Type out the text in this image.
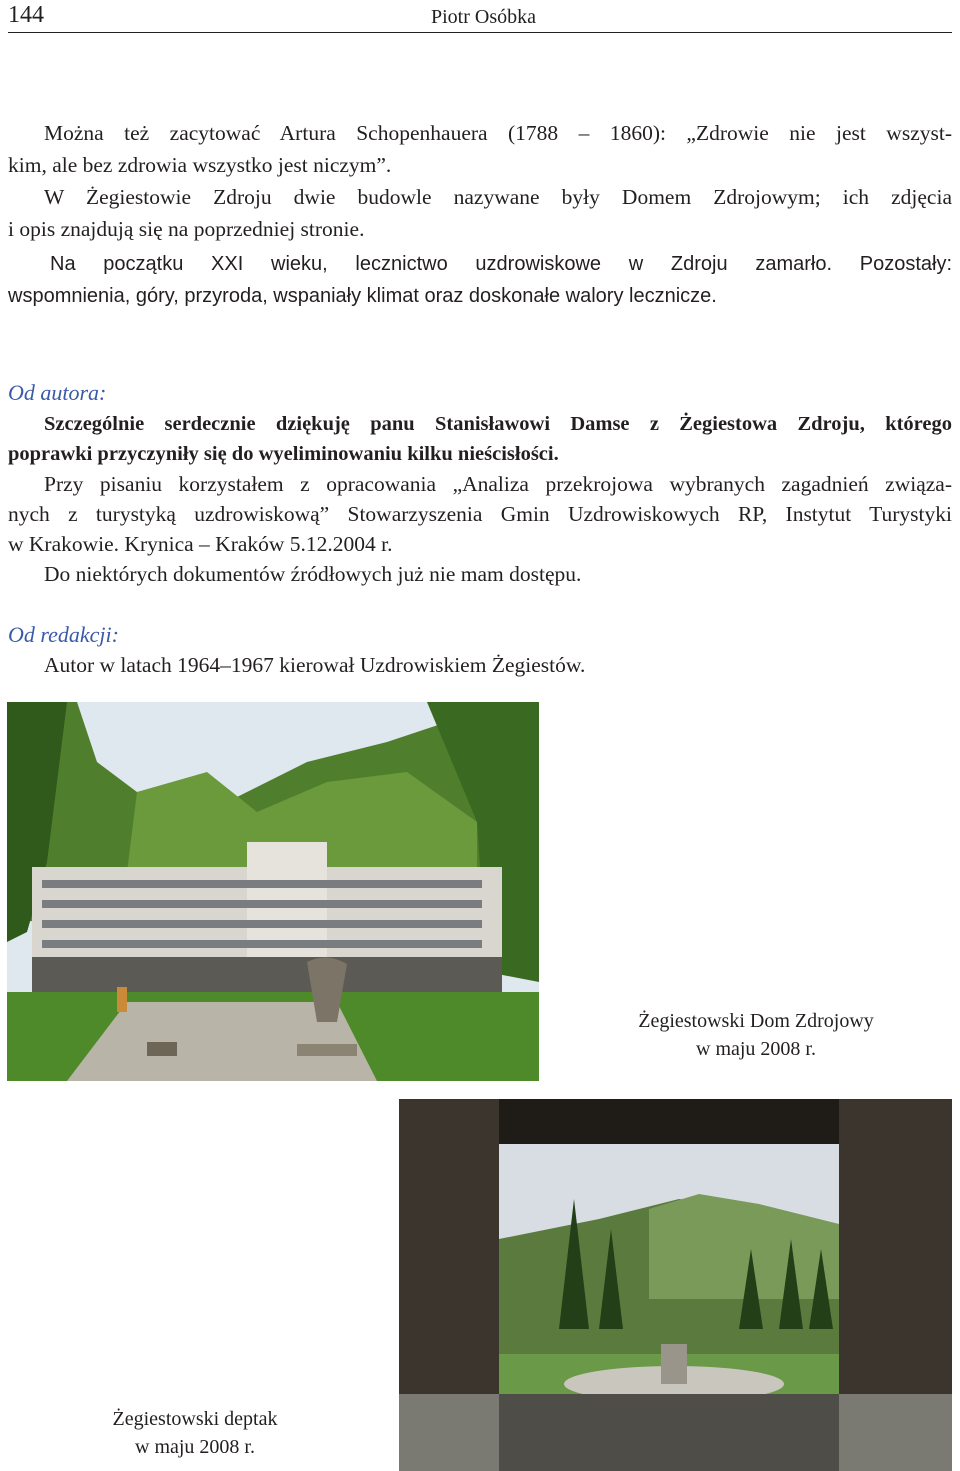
144	Piotr Osóbka
Można też zacytować Artura Schopenhauera (1788 – 1860): „Zdrowie nie jest wszyst-
kim, ale bez zdrowia wszystko jest niczym”.
W Żegiestowie Zdroju dwie budowle nazywane były Domem Zdrojowym; ich zdjęcia
i opis znajdują się na poprzedniej stronie.
Na początku XXI wieku, lecznictwo uzdrowiskowe w Zdroju zamarło. Pozostały:
wspomnienia, góry, przyroda, wspaniały klimat oraz doskonałe walory lecznicze.
Od autora:
Szczególnie serdecznie dziękuję panu Stanisławowi Damse z Żegiestowa Zdroju, którego
poprawki przyczyniły się do wyeliminowaniu kilku nieścisłości.
Przy pisaniu korzystałem z opracowania „Analiza przekrojowa wybranych zagadnień związa-
nych z turystyką uzdrowiskową” Stowarzyszenia Gmin Uzdrowiskowych RP, Instytut Turystyki
w Krakowie. Krynica – Kraków 5.12.2004 r.
Do niektórych dokumentów źródłowych już nie mam dostępu.
Od redakcji:
Autor w latach 1964–1967 kierował Uzdrowiskiem Żegiestów.
Żegiestowski Dom Zdrojowy
w maju 2008 r.
Żegiestowski deptak
w maju 2008 r.
